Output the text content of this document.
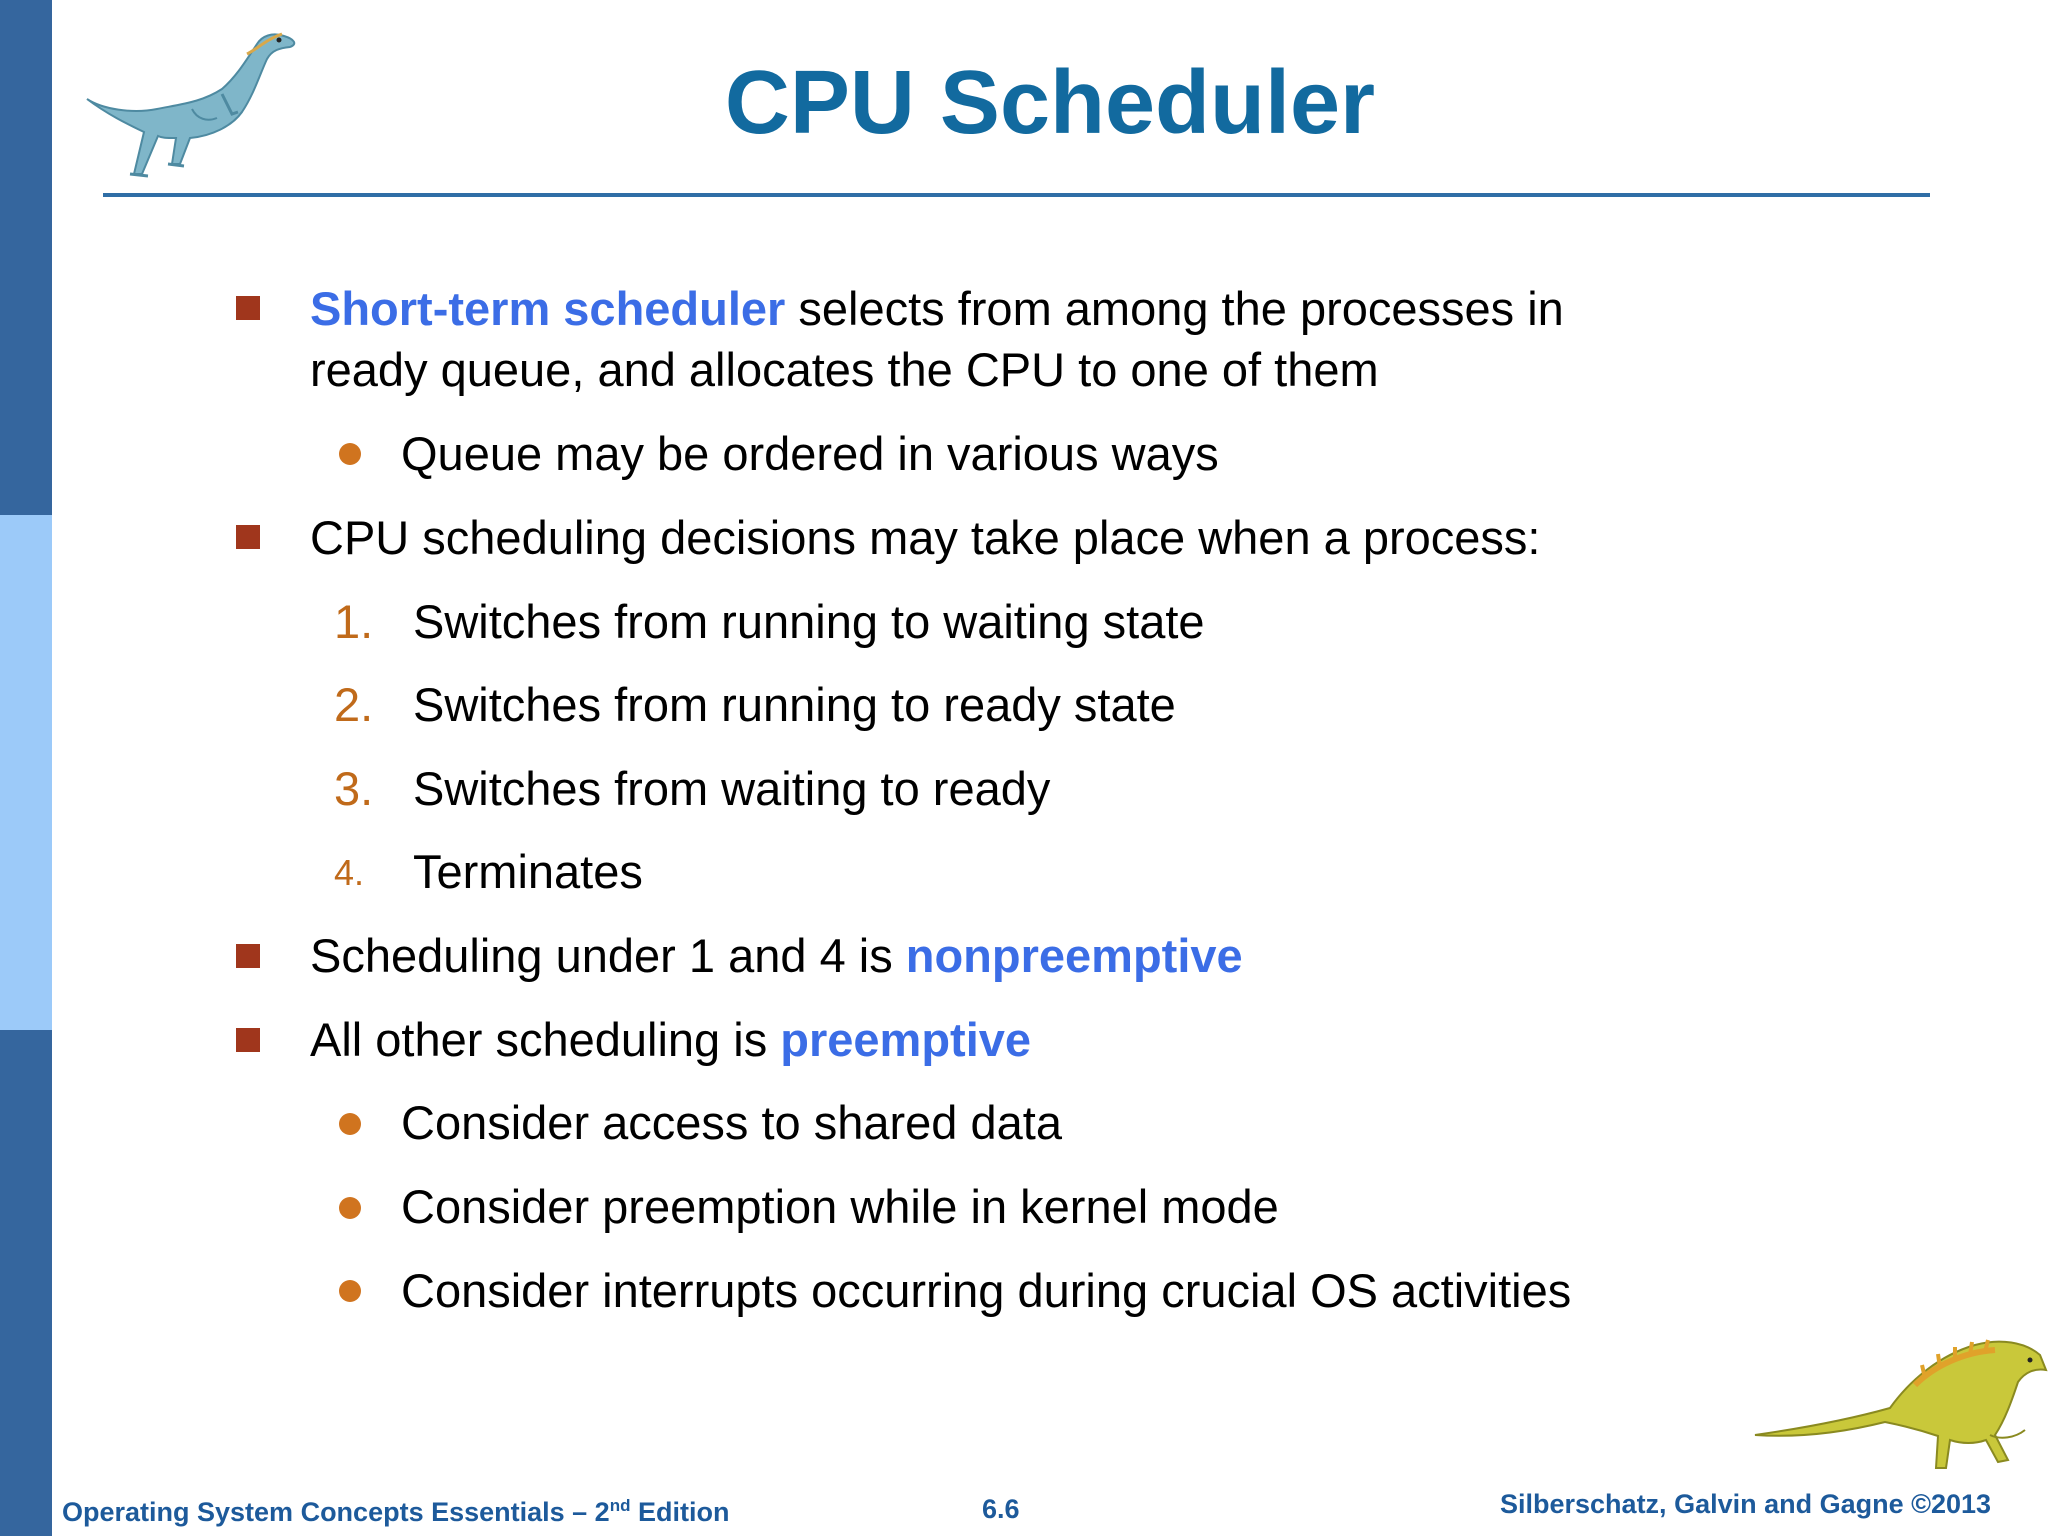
CPU Scheduler
Short-term scheduler selects from among the processes in
ready queue, and allocates the CPU to one of them
Queue may be ordered in various ways
CPU scheduling decisions may take place when a process:
1. Switches from running to waiting state
2. Switches from running to ready state
3. Switches from waiting to ready
4. Terminates
Scheduling under 1 and 4 is nonpreemptive
All other scheduling is preemptive
Consider access to shared data
Consider preemption while in kernel mode
Consider interrupts occurring during crucial OS activities
Operating System Concepts Essentials – 2nd Edition	6.6	Silberschatz, Galvin and Gagne ©2013
